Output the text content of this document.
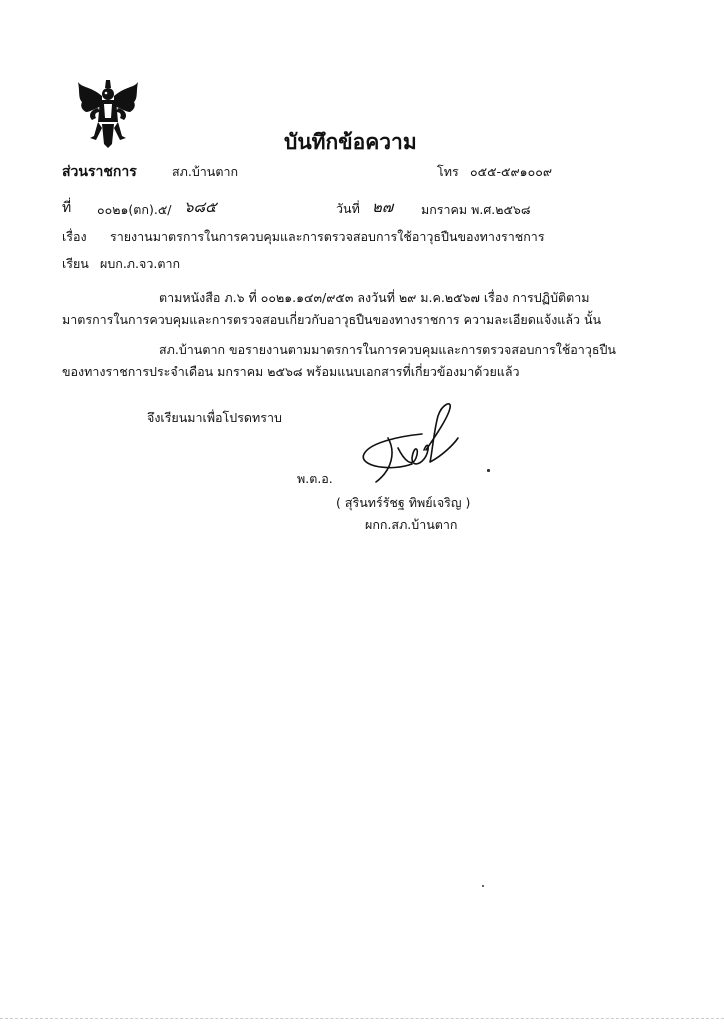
บันทึกข้อความ
ส่วนราชการ	สภ.บ้านตาก	โทร ๐๕๕-๕๙๑๐๐๙
ที่ ๐๐๒๑(ตก).๕/ ๖๘๕	วันที่ ๒๗ มกราคม พ.ศ.๒๕๖๘
เรื่อง รายงานมาตรการในการควบคุมและการตรวจสอบการใช้อาวุธปืนของทางราชการ
เรียน ผบก.ภ.จว.ตาก
ตามหนังสือ ภ.๖ ที่ ๐๐๒๑.๑๔๓/๙๕๓ ลงวันที่ ๒๙ ม.ค.๒๕๖๗ เรื่อง การปฏิบัติตาม
มาตรการในการควบคุมและการตรวจสอบเกี่ยวกับอาวุธปืนของทางราชการ ความละเอียดแจ้งแล้ว นั้น
สภ.บ้านตาก ขอรายงานตามมาตรการในการควบคุมและการตรวจสอบการใช้อาวุธปืน
ของทางราชการประจำเดือน มกราคม ๒๕๖๘ พร้อมแนบเอกสารที่เกี่ยวข้องมาด้วยแล้ว
จึงเรียนมาเพื่อโปรดทราบ
พ.ต.อ.
( สุรินทร์รัชฐ ทิพย์เจริญ )
ผกก.สภ.บ้านตาก
